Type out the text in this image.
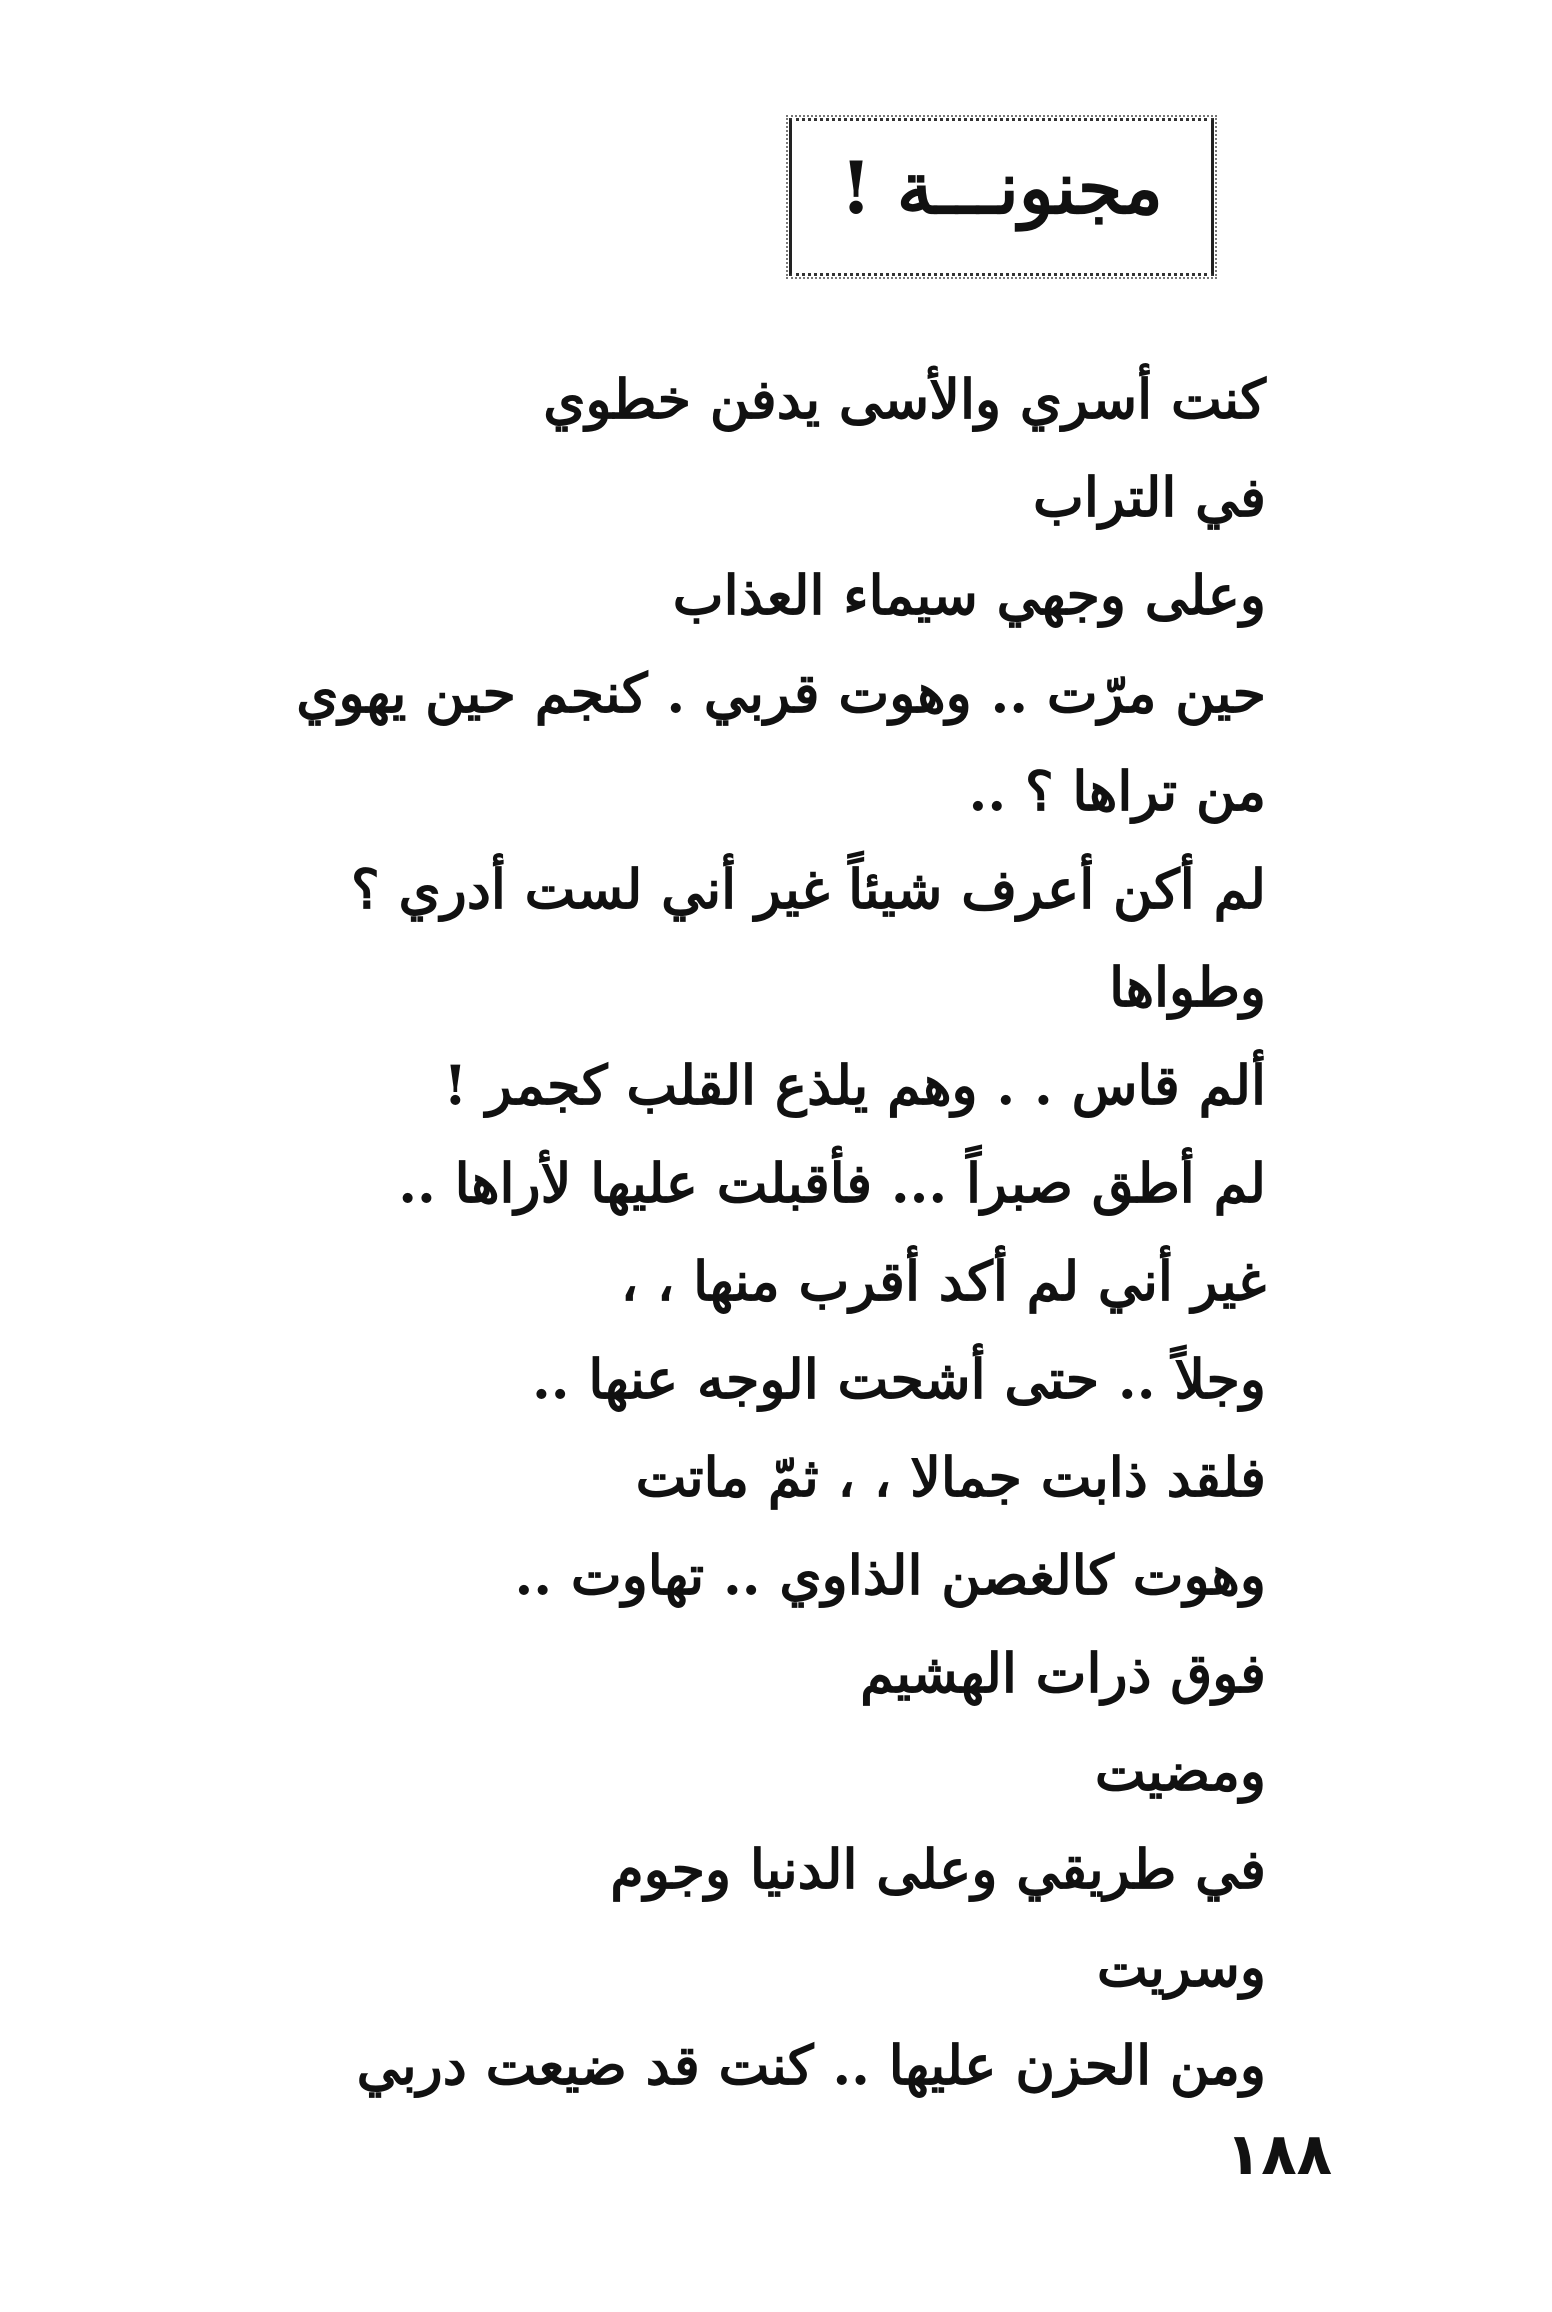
مجنونـــة !
كنت أسري والأسى يدفن خطوي
في التراب
وعلى وجهي سيماء العذاب
حين مرّت .. وهوت قربي . كنجم حين يهوي
من تراها ؟ ..
لم أكن أعرف شيئاً غير أني لست أدري ؟
وطواها
ألم قاس . . وهم يلذع القلب كجمر !
لم أطق صبراً ... فأقبلت عليها لأراها ..
غير أني لم أكد أقرب منها ، ،
وجلاً .. حتى أشحت الوجه عنها ..
فلقد ذابت جمالا ، ، ثمّ ماتت
وهوت كالغصن الذاوي .. تهاوت ..
فوق ذرات الهشيم
ومضيت
في طريقي وعلى الدنيا وجوم
وسريت
ومن الحزن عليها .. كنت قد ضيعت دربي
١٨٨
